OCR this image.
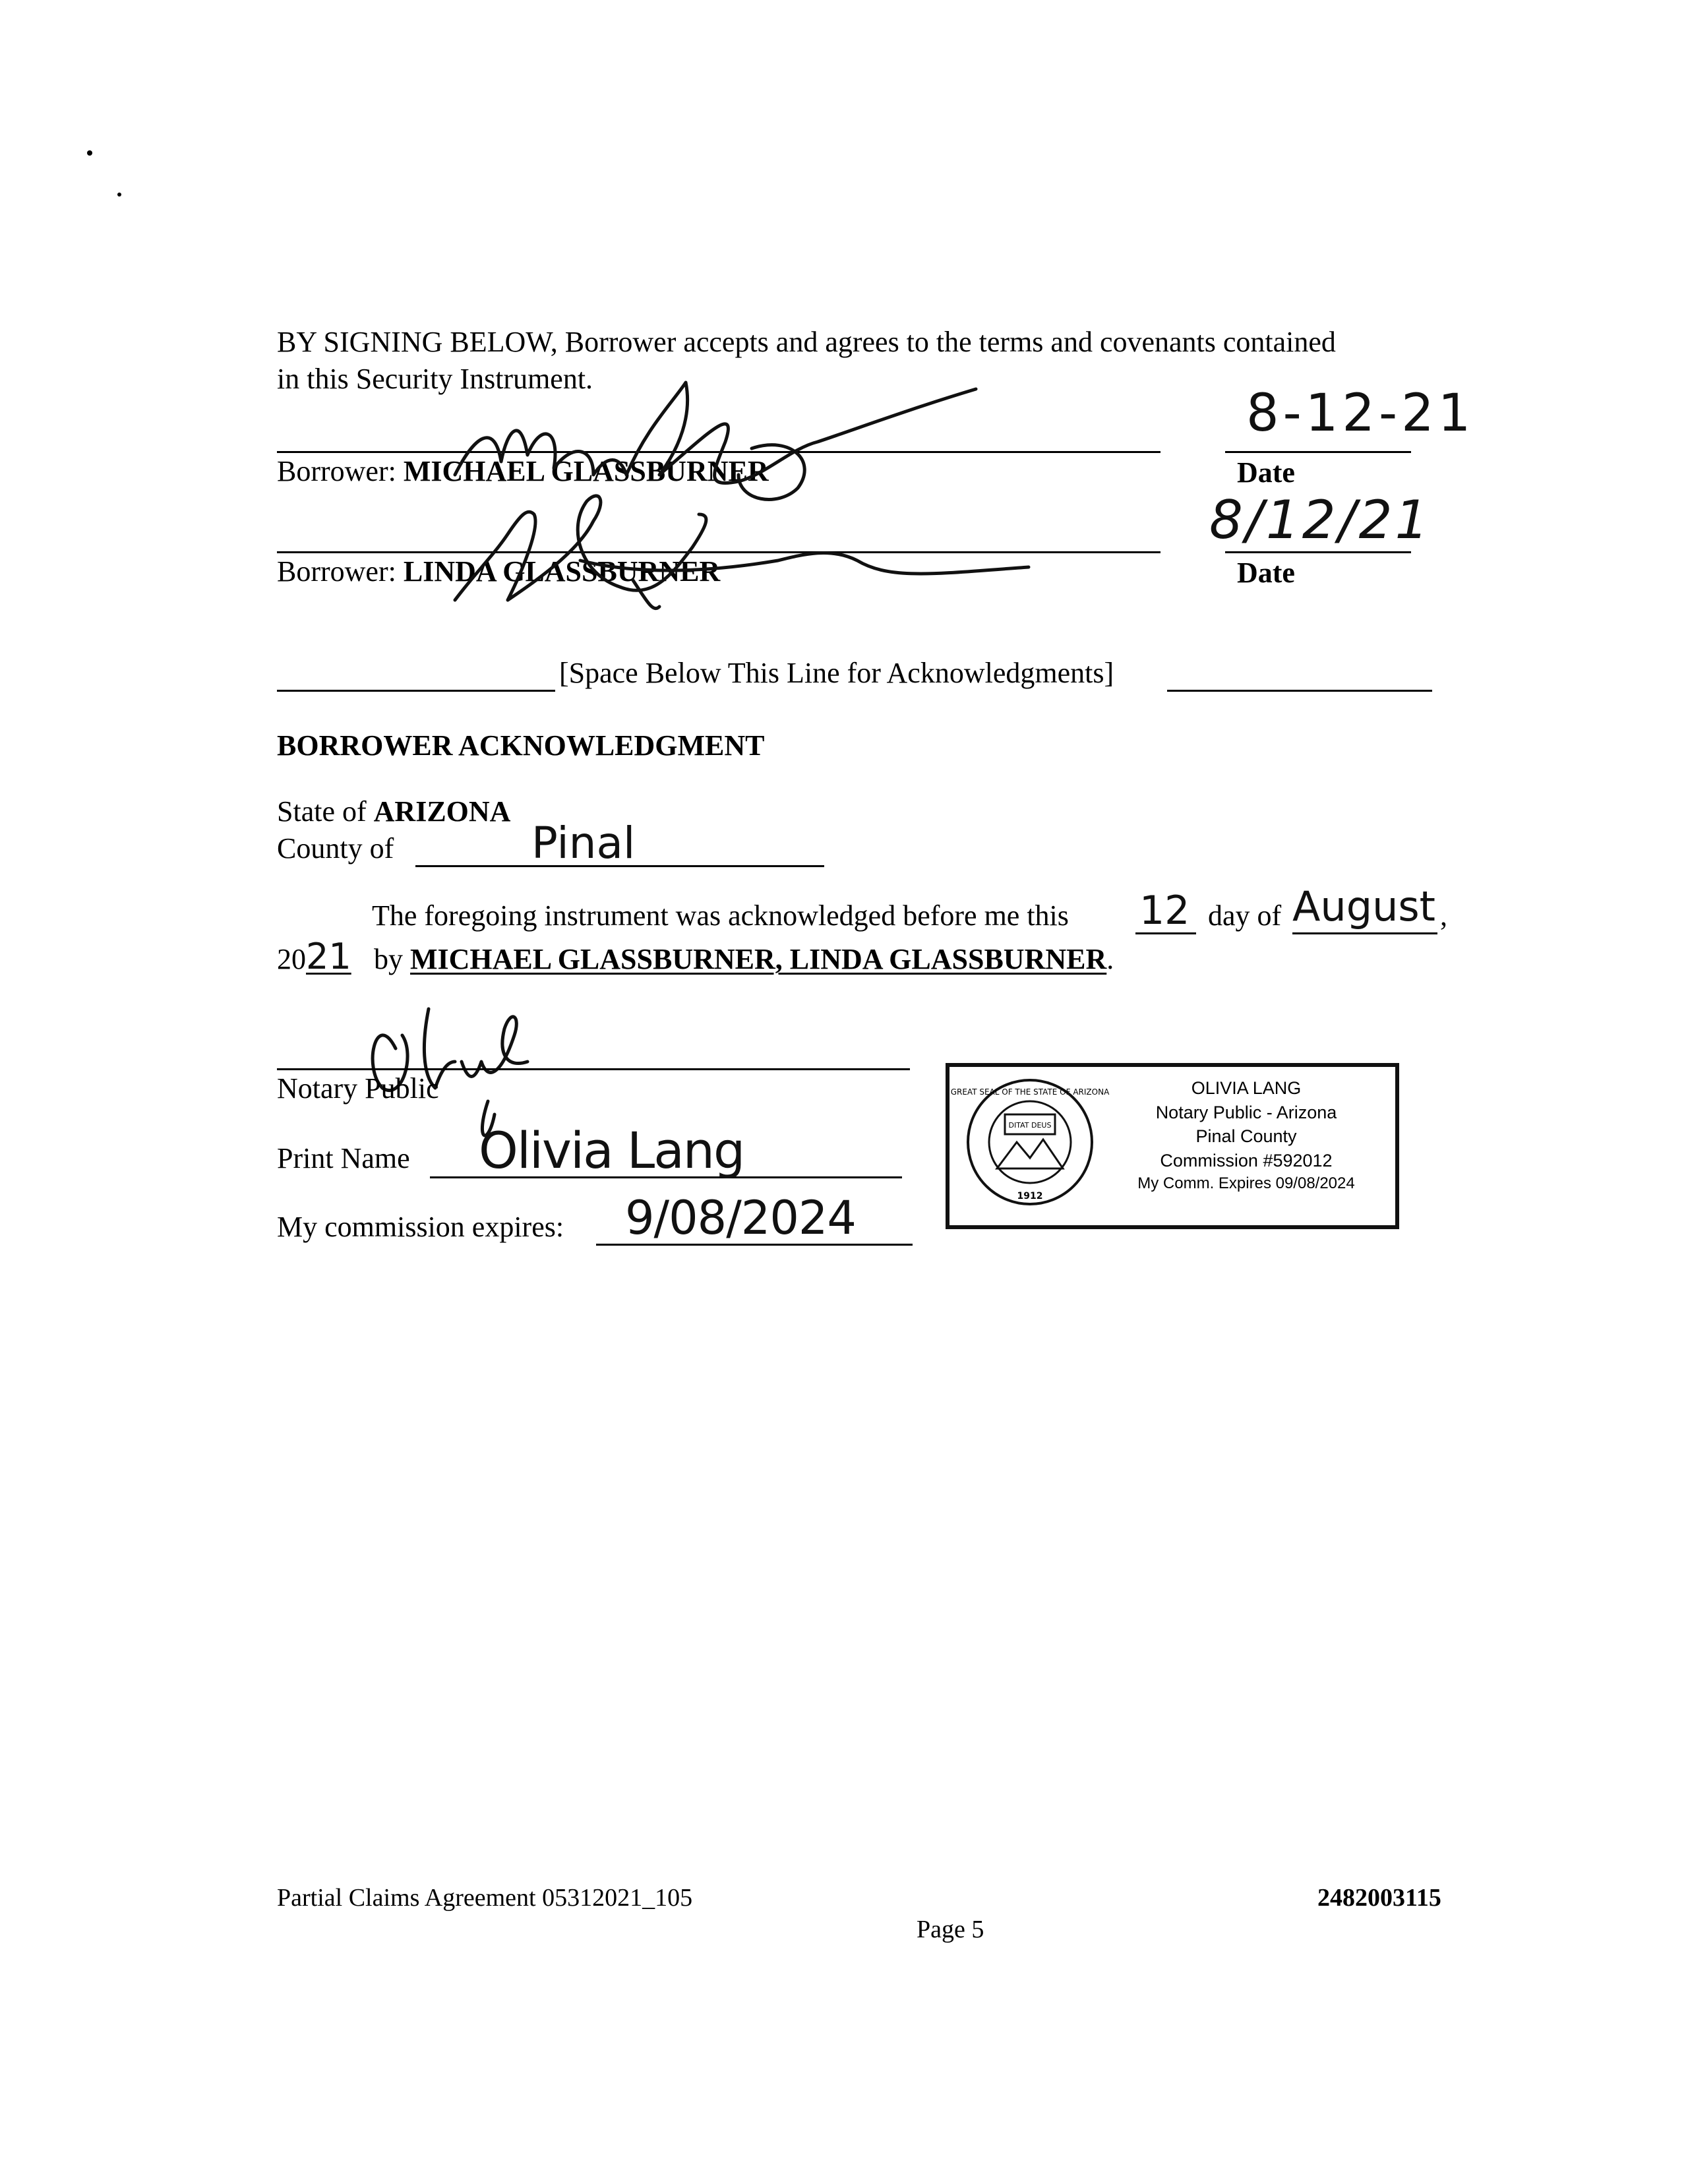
BY SIGNING BELOW, Borrower accepts and agrees to the terms and covenants contained
in this Security Instrument.
Borrower: MICHAEL GLASSBURNER	Date
8-12-21
Borrower: LINDA GLASSBURNER	Date
8/12/21
[Space Below This Line for Acknowledgments]
BORROWER ACKNOWLEDGMENT
State of ARIZONA
County of	Pinal
The foregoing instrument was acknowledged before me this 12 day of August ,
2021 by MICHAEL GLASSBURNER, LINDA GLASSBURNER.
Notary Public
Print Name Olivia Lang
My commission expires: 9/08/2024
GREAT SEAL OF THE STATE OF ARIZONA
DITAT DEUS
1912
OLIVIA LANG
Notary Public - Arizona
Pinal County
Commission #592012
My Comm. Expires 09/08/2024
Partial Claims Agreement 05312021_105	2482003115
Page 5
